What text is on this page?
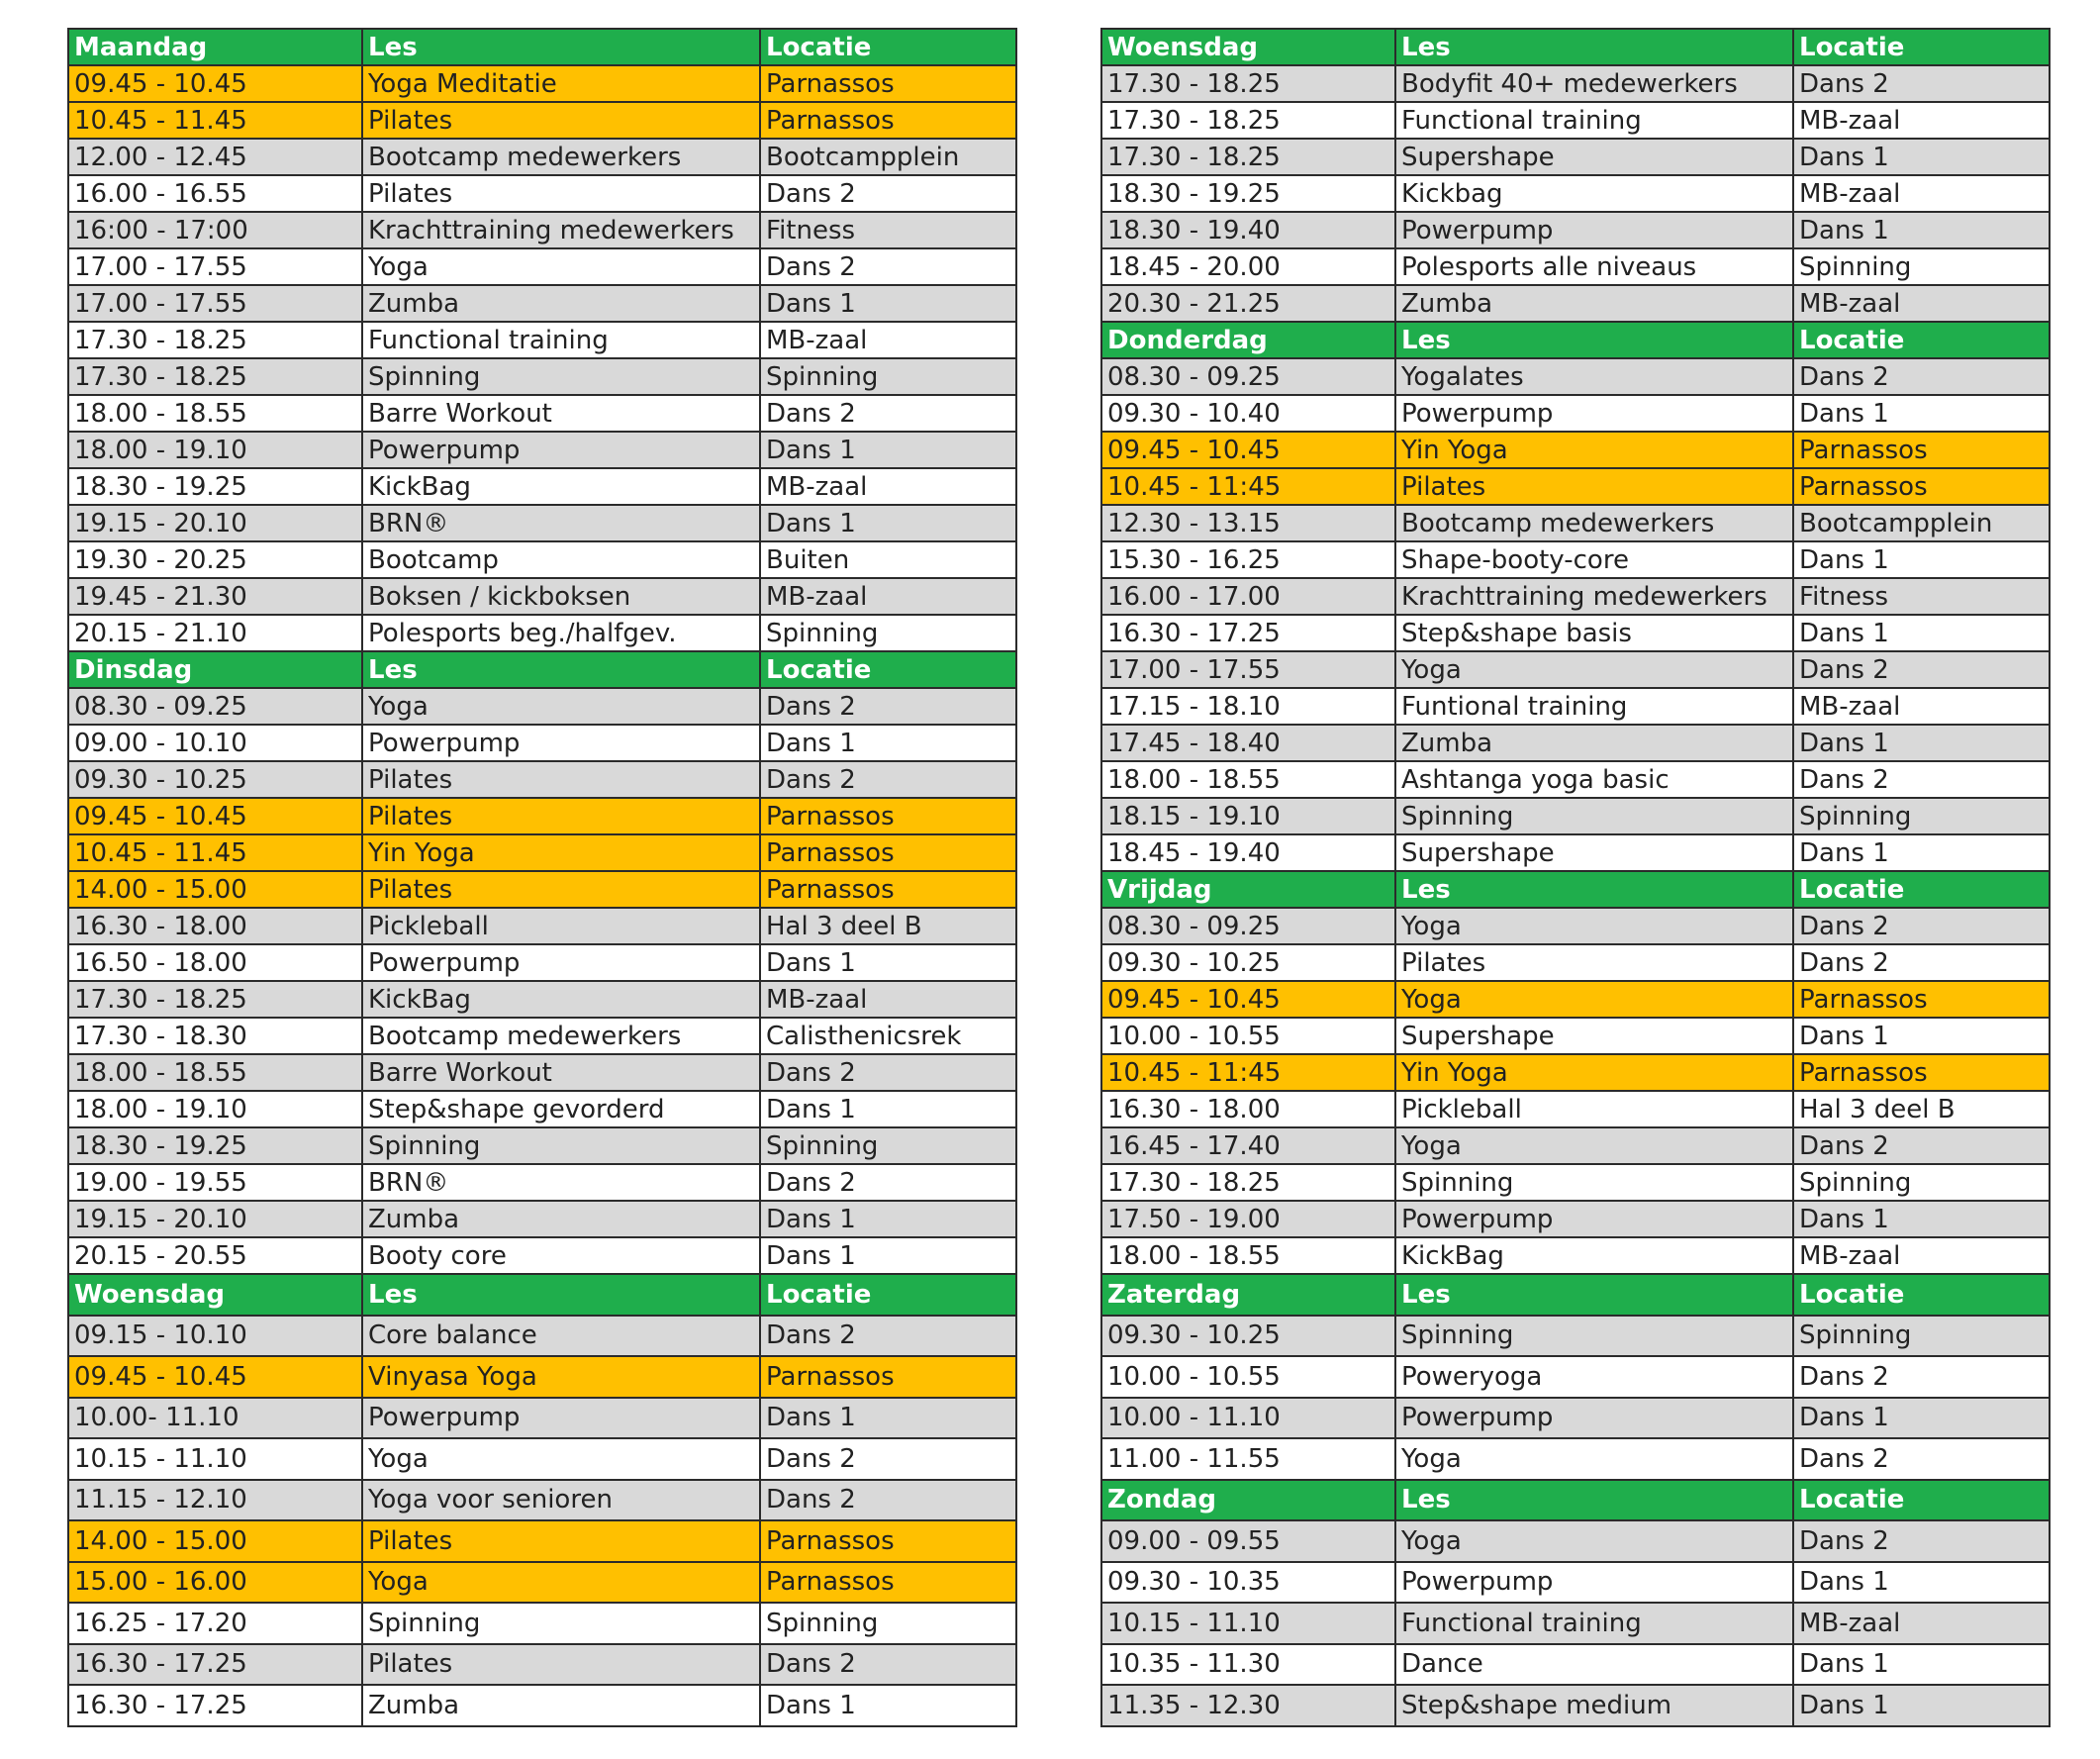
Maandag	Les	Locatie
09.45 - 10.45	Yoga Meditatie	Parnassos
10.45 - 11.45	Pilates	Parnassos
12.00 - 12.45	Bootcamp medewerkers	Bootcampplein
16.00 - 16.55	Pilates	Dans 2
16:00 - 17:00	Krachttraining medewerkers	Fitness
17.00 - 17.55	Yoga	Dans 2
17.00 - 17.55	Zumba	Dans 1
17.30 - 18.25	Functional training	MB-zaal
17.30 - 18.25	Spinning	Spinning
18.00 - 18.55	Barre Workout	Dans 2
18.00 - 19.10	Powerpump	Dans 1
18.30 - 19.25	KickBag	MB-zaal
19.15 - 20.10	BRN®	Dans 1
19.30 - 20.25	Bootcamp	Buiten
19.45 - 21.30	Boksen / kickboksen	MB-zaal
20.15 - 21.10	Polesports beg./halfgev.	Spinning
Dinsdag	Les	Locatie
08.30 - 09.25	Yoga	Dans 2
09.00 - 10.10	Powerpump	Dans 1
09.30 - 10.25	Pilates	Dans 2
09.45 - 10.45	Pilates	Parnassos
10.45 - 11.45	Yin Yoga	Parnassos
14.00 - 15.00	Pilates	Parnassos
16.30 - 18.00	Pickleball	Hal 3 deel B
16.50 - 18.00	Powerpump	Dans 1
17.30 - 18.25	KickBag	MB-zaal
17.30 - 18.30	Bootcamp medewerkers	Calisthenicsrek
18.00 - 18.55	Barre Workout	Dans 2
18.00 - 19.10	Step&shape gevorderd	Dans 1
18.30 - 19.25	Spinning	Spinning
19.00 - 19.55	BRN®	Dans 2
19.15 - 20.10	Zumba	Dans 1
20.15 - 20.55	Booty core	Dans 1
Woensdag	Les	Locatie
09.15 - 10.10	Core balance	Dans 2
09.45 - 10.45	Vinyasa Yoga	Parnassos
10.00- 11.10	Powerpump	Dans 1
10.15 - 11.10	Yoga	Dans 2
11.15 - 12.10	Yoga voor senioren	Dans 2
14.00 - 15.00	Pilates	Parnassos
15.00 - 16.00	Yoga	Parnassos
16.25 - 17.20	Spinning	Spinning
16.30 - 17.25	Pilates	Dans 2
16.30 - 17.25	Zumba	Dans 1
Woensdag	Les	Locatie
17.30 - 18.25	Bodyfit 40+ medewerkers	Dans 2
17.30 - 18.25	Functional training	MB-zaal
17.30 - 18.25	Supershape	Dans 1
18.30 - 19.25	Kickbag	MB-zaal
18.30 - 19.40	Powerpump	Dans 1
18.45 - 20.00	Polesports alle niveaus	Spinning
20.30 - 21.25	Zumba	MB-zaal
Donderdag	Les	Locatie
08.30 - 09.25	Yogalates	Dans 2
09.30 - 10.40	Powerpump	Dans 1
09.45 - 10.45	Yin Yoga	Parnassos
10.45 - 11:45	Pilates	Parnassos
12.30 - 13.15	Bootcamp medewerkers	Bootcampplein
15.30 - 16.25	Shape-booty-core	Dans 1
16.00 - 17.00	Krachttraining medewerkers	Fitness
16.30 - 17.25	Step&shape basis	Dans 1
17.00 - 17.55	Yoga	Dans 2
17.15 - 18.10	Funtional training	MB-zaal
17.45 - 18.40	Zumba	Dans 1
18.00 - 18.55	Ashtanga yoga basic	Dans 2
18.15 - 19.10	Spinning	Spinning
18.45 - 19.40	Supershape	Dans 1
Vrijdag	Les	Locatie
08.30 - 09.25	Yoga	Dans 2
09.30 - 10.25	Pilates	Dans 2
09.45 - 10.45	Yoga	Parnassos
10.00 - 10.55	Supershape	Dans 1
10.45 - 11:45	Yin Yoga	Parnassos
16.30 - 18.00	Pickleball	Hal 3 deel B
16.45 - 17.40	Yoga	Dans 2
17.30 - 18.25	Spinning	Spinning
17.50 - 19.00	Powerpump	Dans 1
18.00 - 18.55	KickBag	MB-zaal
Zaterdag	Les	Locatie
09.30 - 10.25	Spinning	Spinning
10.00 - 10.55	Poweryoga	Dans 2
10.00 - 11.10	Powerpump	Dans 1
11.00 - 11.55	Yoga	Dans 2
Zondag	Les	Locatie
09.00 - 09.55	Yoga	Dans 2
09.30 - 10.35	Powerpump	Dans 1
10.15 - 11.10	Functional training	MB-zaal
10.35 - 11.30	Dance	Dans 1
11.35 - 12.30	Step&shape medium	Dans 1
